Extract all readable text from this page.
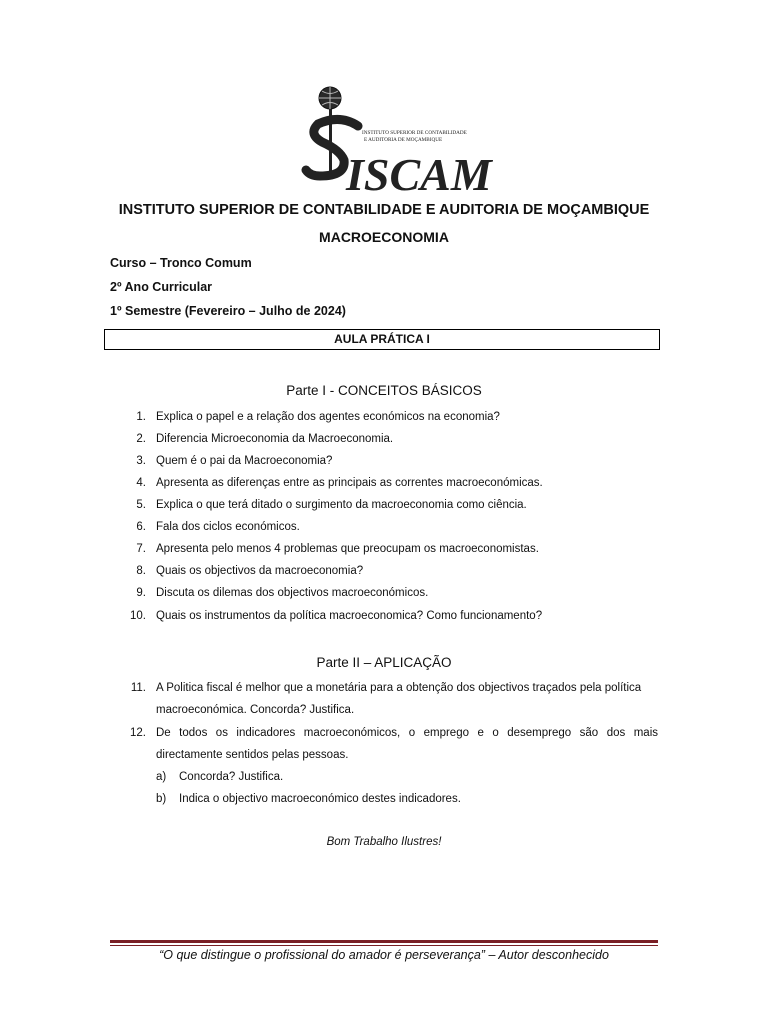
ISCAM
INSTITUTO SUPERIOR DE CONTABILIDADE
E AUDITORIA DE MOÇAMBIQUE
INSTITUTO SUPERIOR DE CONTABILIDADE E AUDITORIA DE MOÇAMBIQUE
MACROECONOMIA
Curso – Tronco Comum
2º Ano Curricular
1º Semestre (Fevereiro – Julho de 2024)
AULA PRÁTICA I
Parte I - CONCEITOS BÁSICOS
1. Explica o papel e a relação dos agentes económicos na economia?
2. Diferencia Microeconomia da Macroeconomia.
3. Quem é o pai da Macroeconomia?
4. Apresenta as diferenças entre as principais as correntes macroeconómicas.
5. Explica o que terá ditado o surgimento da macroeconomia como ciência.
6. Fala dos ciclos económicos.
7. Apresenta pelo menos 4 problemas que preocupam os macroeconomistas.
8. Quais os objectivos da macroeconomia?
9. Discuta os dilemas dos objectivos macroeconómicos.
10. Quais os instrumentos da política macroeconomica? Como funcionamento?
Parte II – APLICAÇÃO
11. A Politica fiscal é melhor que a monetária para a obtenção dos objectivos traçados pela política
macroeconómica. Concorda? Justifica.
12. De todos os indicadores macroeconómicos, o emprego e o desemprego são dos mais
directamente sentidos pelas pessoas.
a) Concorda? Justifica.
b) Indica o objectivo macroeconómico destes indicadores.
Bom Trabalho Ilustres!
“O que distingue o profissional do amador é perseverança” – Autor desconhecido
